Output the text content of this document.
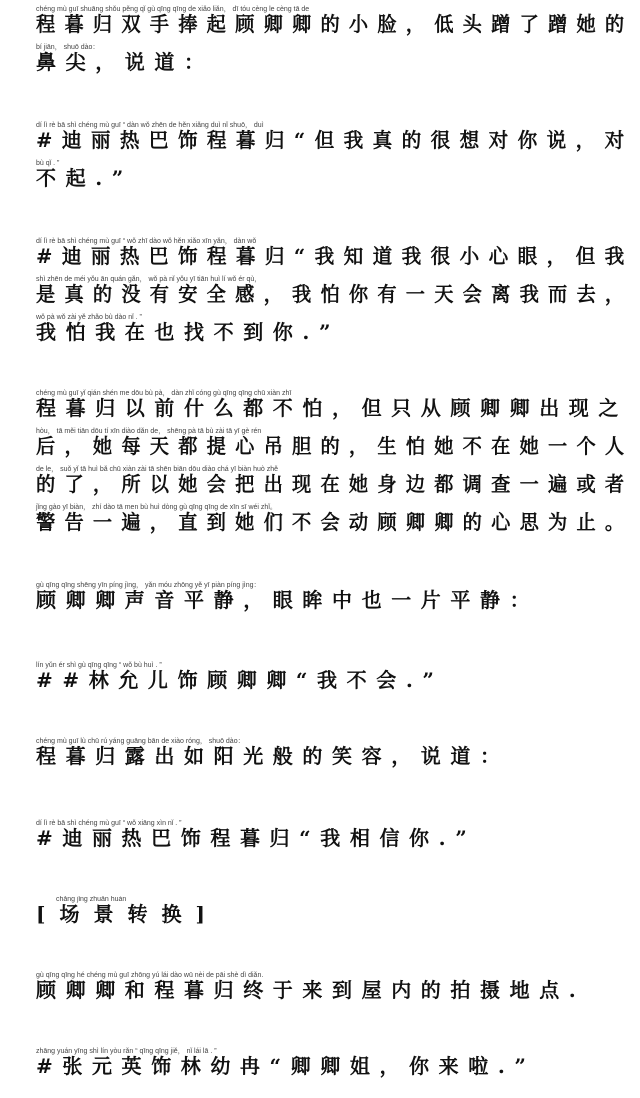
chéng mù guī shuāng shǒu pěng qǐ gù qīng qīng de xiǎo liǎn， dī tóu cèng le cèng tā de
程暮归双手捧起顾卿卿的小脸，低头蹭了蹭她的
bí jiān， shuō dào：
鼻尖，说道：
dí lì rè bā shì chéng mù guī “ dàn wǒ zhēn de hěn xiǎng duì nǐ shuō， duì
#迪丽热巴饰程暮归“但我真的很想对你说，对
bù qǐ . ”
不起.”
dí lì rè bā shì chéng mù guī “ wǒ zhī dào wǒ hěn xiǎo xīn yǎn， dàn wǒ
#迪丽热巴饰程暮归“我知道我很小心眼，但我
shì zhēn de méi yǒu ān quán gǎn， wǒ pà nǐ yǒu yī tiān huì lí wǒ ér qù，
是真的没有安全感，我怕你有一天会离我而去，
wǒ pà wǒ zài yě zhǎo bù dào nǐ . ”
我怕我在也找不到你.”
chéng mù guī yǐ qián shén me dōu bù pà， dàn zhǐ cóng gù qīng qīng chū xiàn zhī
程暮归以前什么都不怕，但只从顾卿卿出现之
hòu， tā měi tiān dōu tí xīn diào dǎn de， shēng pà tā bù zài tā yī gè rén
后，她每天都提心吊胆的，生怕她不在她一个人
de le， suǒ yǐ tā huì bǎ chū xiàn zài tā shēn biān dōu diào chá yī biàn huò zhě
的了，所以她会把出现在她身边都调查一遍或者
jǐng gào yī biàn， zhí dào tā men bù huì dòng gù qīng qīng de xīn sī wéi zhǐ。
警告一遍，直到她们不会动顾卿卿的心思为止。
gù qīng qīng shēng yīn píng jìng， yǎn móu zhōng yě yī piàn píng jìng：
顾卿卿声音平静，眼眸中也一片平静：
lín yǔn ér shì gù qīng qīng “ wǒ bù huì . ”
##林允儿饰顾卿卿“我不会.”
chéng mù guī lù chū rú yáng guāng bān de xiào róng， shuō dào：
程暮归露出如阳光般的笑容，说道：
dí lì rè bā shì chéng mù guī “ wǒ xiāng xìn nǐ . ”
#迪丽热巴饰程暮归“我相信你.”
chǎng jǐng zhuǎn huàn
[场景转换]
gù qīng qīng hé chéng mù guī zhōng yú lái dào wū nèi de pāi shè dì diǎn.
顾卿卿和程暮归终于来到屋内的拍摄地点.
zhāng yuán yīng shì lín yòu rǎn “ qīng qīng jiě， nǐ lái lā . ”
#张元英饰林幼冉“卿卿姐，你来啦.”
